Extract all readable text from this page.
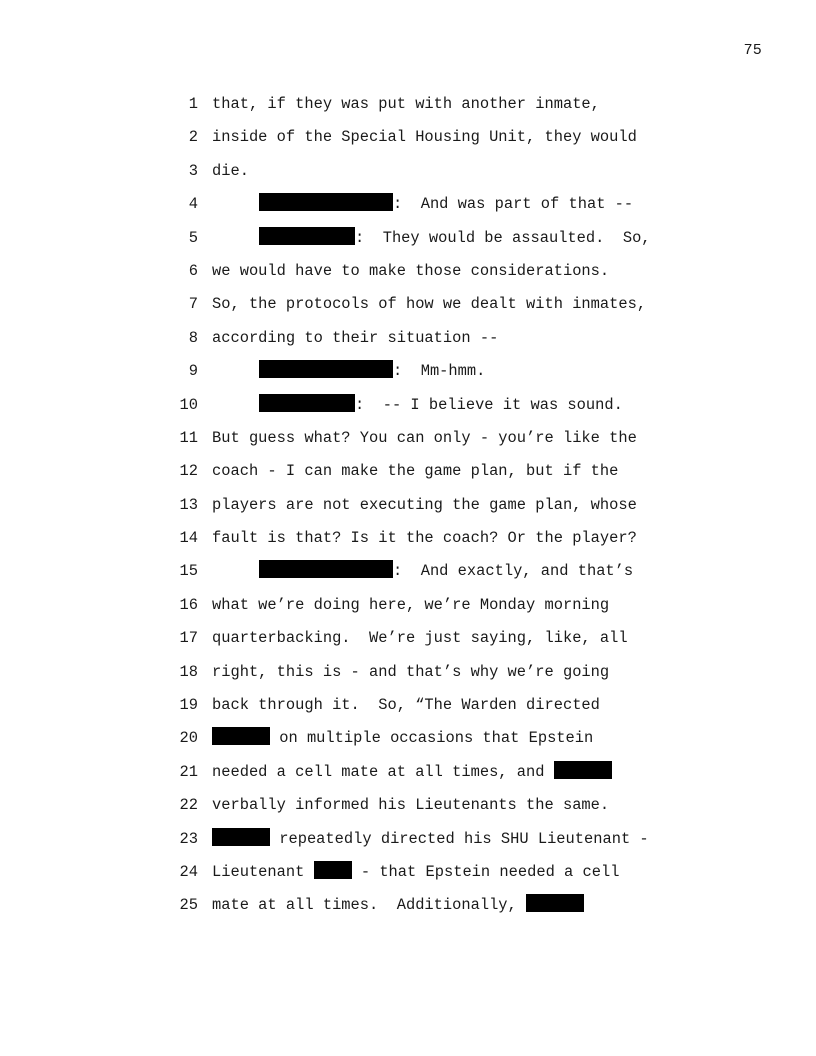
75

1

that, if they was put with another inmate,

2

inside of the Special Housing Unit, they would

3

die.

4

	:  And was part of that --

5

	:  They would be assaulted.  So,

6

we would have to make those considerations.

7

So, the protocols of how we dealt with inmates,

8

according to their situation --

9

	:  Mm-hmm.

10

	:  -- I believe it was sound.

11

But guess what? You can only - you’re like the

12

coach - I can make the game plan, but if the

13

players are not executing the game plan, whose

14

fault is that? Is it the coach? Or the player?

15

	:  And exactly, and that’s

16

what we’re doing here, we’re Monday morning

17

quarterbacking.  We’re just saying, like, all

18

right, this is - and that’s why we’re going

19

back through it.  So, “The Warden directed

20

	on multiple occasions that Epstein

21

needed a cell mate at all times, and

22

verbally informed his Lieutenants the same.

23

	repeatedly directed his SHU Lieutenant -

24

Lieutenant  - that Epstein needed a cell

25

mate at all times.  Additionally,
